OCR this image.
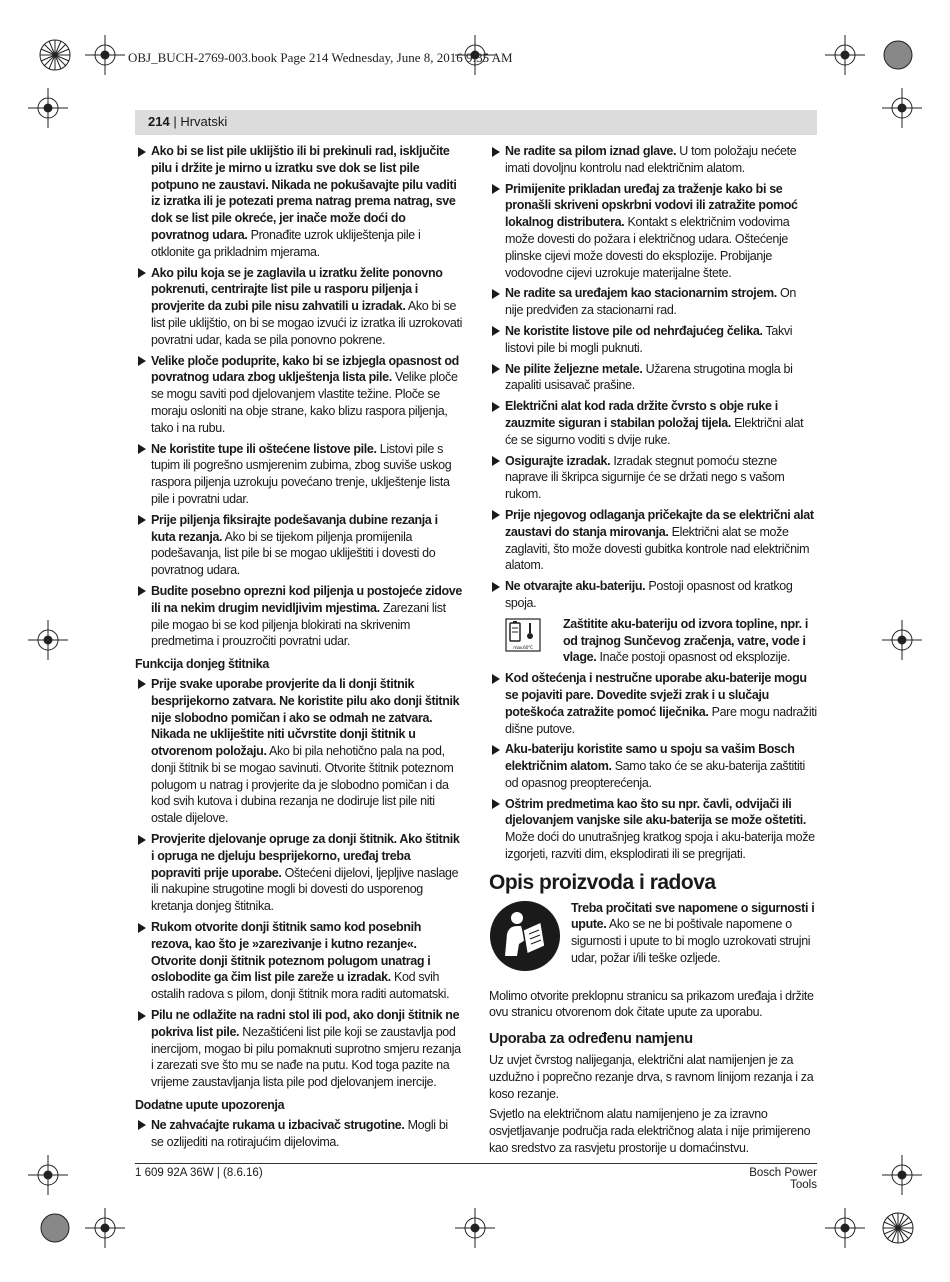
OBJ_BUCH-2769-003.book Page 214 Wednesday, June 8, 2016 9:35 AM
214 | Hrvatski
Ako bi se list pile uklijštio ili bi prekinuli rad, isključite pilu i držite je mirno u izratku sve dok se list pile potpuno ne zaustavi. Nikada ne pokušavajte pilu vaditi iz izratka ili je potezati prema natrag prema natrag, sve dok se list pile okreće, jer inače može doći do povratnog udara. Pronađite uzrok ukliještenja pile i otklonite ga prikladnim mjerama.
Ako pilu koja se je zaglavila u izratku želite ponovno pokrenuti, centrirajte list pile u rasporu piljenja i provjerite da zubi pile nisu zahvatili u izradak. Ako bi se list pile uklijštio, on bi se mogao izvući iz izratka ili uzrokovati povratni udar, kada se pila ponovno pokrene.
Velike ploče poduprite, kako bi se izbjegla opasnost od povratnog udara zbog uklještenja lista pile. Velike ploče se mogu saviti pod djelovanjem vlastite težine. Ploče se moraju osloniti na obje strane, kako blizu raspora piljenja, tako i na rubu.
Ne koristite tupe ili oštećene listove pile. Listovi pile s tupim ili pogrešno usmjerenim zubima, zbog suviše uskog raspora piljenja uzrokuju povećano trenje, uklještenje lista pile i povratni udar.
Prije piljenja fiksirajte podešavanja dubine rezanja i kuta rezanja. Ako bi se tijekom piljenja promijenila podešavanja, list pile bi se mogao ukliještiti i dovesti do povratnog udara.
Budite posebno oprezni kod piljenja u postojeće zidove ili na nekim drugim nevidljivim mjestima. Zarezani list pile mogao bi se kod piljenja blokirati na skrivenim predmetima i prouzročiti povratni udar.
Funkcija donjeg štitnika
Prije svake uporabe provjerite da li donji štitnik besprijekorno zatvara. Ne koristite pilu ako donji štitnik nije slobodno pomičan i ako se odmah ne zatvara. Nikada ne ukliještite niti učvrstite donji štitnik u otvorenom položaju. Ako bi pila nehotično pala na pod, donji štitnik bi se mogao savinuti. Otvorite štitnik poteznom polugom u natrag i provjerite da je slobodno pomičan i da kod svih kutova i dubina rezanja ne dodiruje list pile niti ostale dijelove.
Provjerite djelovanje opruge za donji štitnik. Ako štitnik i opruga ne djeluju besprijekorno, uređaj treba popraviti prije uporabe. Oštećeni dijelovi, ljepljive naslage ili nakupine strugotine mogli bi dovesti do usporenog kretanja donjeg štitnika.
Rukom otvorite donji štitnik samo kod posebnih rezova, kao što je »zarezivanje i kutno rezanje«. Otvorite donji štitnik poteznom polugom unatrag i oslobodite ga čim list pile zareže u izradak. Kod svih ostalih radova s pilom, donji štitnik mora raditi automatski.
Pilu ne odlažite na radni stol ili pod, ako donji štitnik ne pokriva list pile. Nezaštićeni list pile koji se zaustavlja pod inercijom, mogao bi pilu pomaknuti suprotno smjeru rezanja i zarezati sve što mu se nađe na putu. Kod toga pazite na vrijeme zaustavljanja lista pile pod djelovanjem inercije.
Dodatne upute upozorenja
Ne zahvaćajte rukama u izbacivač strugotine. Mogli bi se ozlijediti na rotirajućim dijelovima.
Ne radite sa pilom iznad glave. U tom položaju nećete imati dovoljnu kontrolu nad električnim alatom.
Primijenite prikladan uređaj za traženje kako bi se pronašli skriveni opskrbni vodovi ili zatražite pomoć lokalnog distributera. Kontakt s električnim vodovima može dovesti do požara i električnog udara. Oštećenje plinske cijevi može dovesti do eksplozije. Probijanje vodovodne cijevi uzrokuje materijalne štete.
Ne radite sa uređajem kao stacionarnim strojem. On nije predviđen za stacionarni rad.
Ne koristite listove pile od nehrđajućeg čelika. Takvi listovi pile bi mogli puknuti.
Ne pilite željezne metale. Užarena strugotina mogla bi zapaliti usisavač prašine.
Električni alat kod rada držite čvrsto s obje ruke i zauzmite siguran i stabilan položaj tijela. Električni alat će se sigurno voditi s dvije ruke.
Osigurajte izradak. Izradak stegnut pomoću stezne naprave ili škripca sigurnije će se držati nego s vašom rukom.
Prije njegovog odlaganja pričekajte da se električni alat zaustavi do stanja mirovanja. Električni alat se može zaglaviti, što može dovesti gubitka kontrole nad električnim alatom.
Ne otvarajte aku-bateriju. Postoji opasnost od kratkog spoja.
max.60°C
Zaštitite aku-bateriju od izvora topline, npr. i od trajnog Sunčevog zračenja, vatre, vode i vlage. Inače postoji opasnost od eksplozije.
Kod oštećenja i nestručne uporabe aku-baterije mogu se pojaviti pare. Dovedite svježi zrak i u slučaju poteškoća zatražite pomoć liječnika. Pare mogu nadražiti dišne putove.
Aku-bateriju koristite samo u spoju sa vašim Bosch električnim alatom. Samo tako će se aku-baterija zaštititi od opasnog preopterećenja.
Oštrim predmetima kao što su npr. čavli, odvijači ili djelovanjem vanjske sile aku-baterija se može oštetiti. Može doći do unutrašnjeg kratkog spoja i aku-baterija može izgorjeti, razviti dim, eksplodirati ili se pregrijati.
Opis proizvoda i radova
Treba pročitati sve napomene o sigurnosti i upute. Ako se ne bi poštivale napomene o sigurnosti i upute to bi moglo uzrokovati strujni udar, požar i/ili teške ozljede.
Molimo otvorite preklopnu stranicu sa prikazom uređaja i držite ovu stranicu otvorenom dok čitate upute za uporabu.
Uporaba za određenu namjenu
Uz uvjet čvrstog nalijeganja, električni alat namijenjen je za uzdužno i poprečno rezanje drva, s ravnom linijom rezanja i za koso rezanje.
Svjetlo na električnom alatu namijenjeno je za izravno osvjetljavanje područja rada električnog alata i nije primijereno kao sredstvo za rasvjetu prostorije u domaćinstvu.
1 609 92A 36W | (8.6.16)	Bosch Power Tools
